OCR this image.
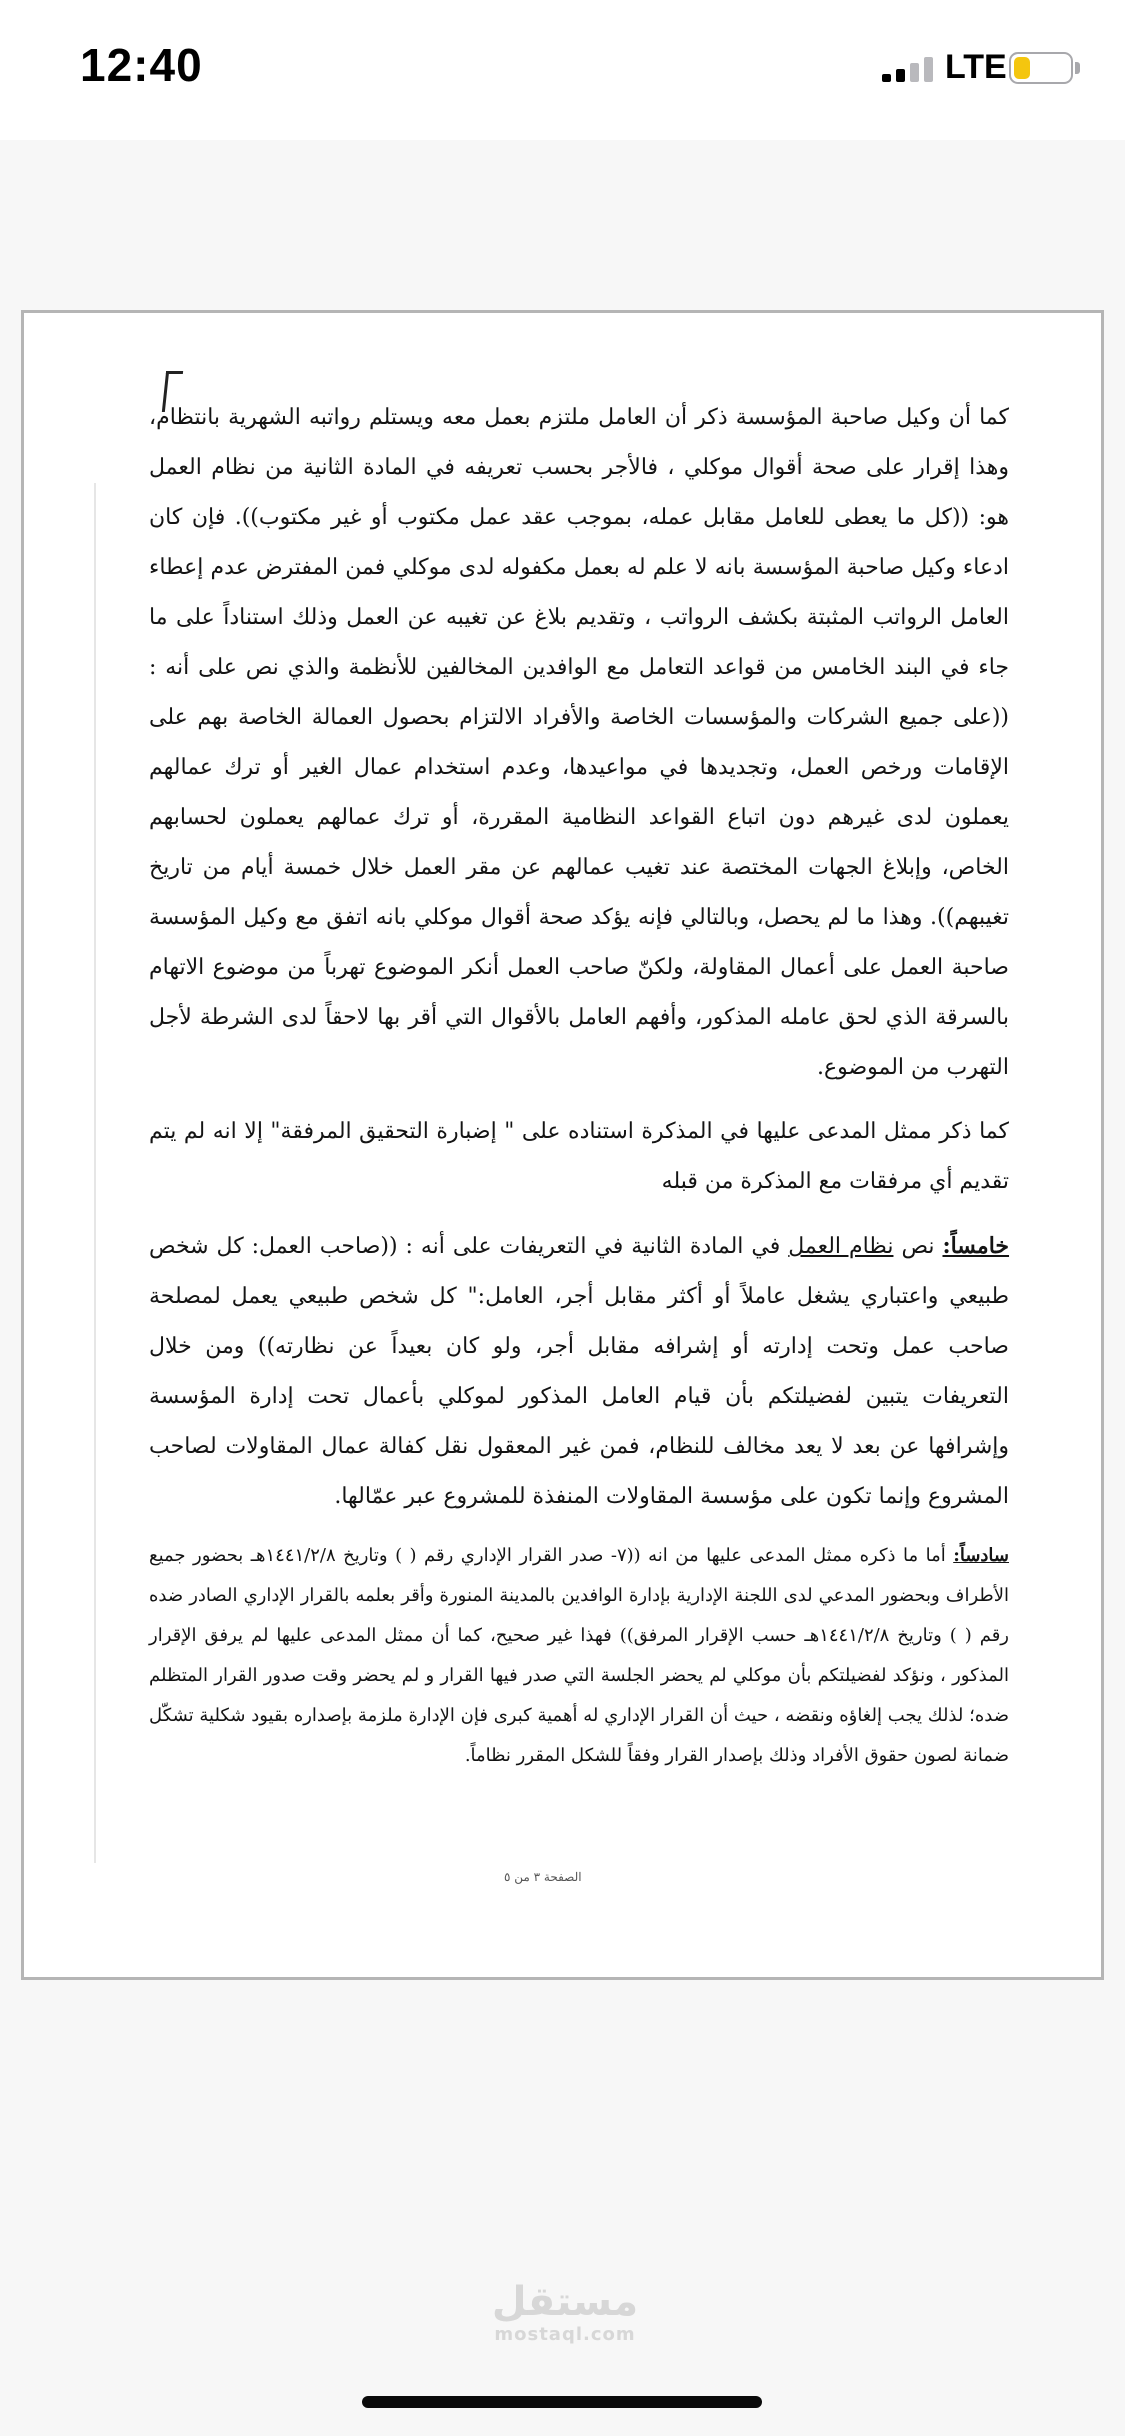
12:40	LTE

كما أن وكيل صاحبة المؤسسة ذكر أن العامل ملتزم بعمل معه ويستلم رواتبه الشهرية بانتظام، وهذا إقرار على صحة أقوال موكلي ، فالأجر بحسب تعريفه في المادة الثانية من نظام العمل هو: ((كل ما يعطى للعامل مقابل عمله، بموجب عقد عمل مكتوب أو غير مكتوب)). فإن كان ادعاء وكيل صاحبة المؤسسة بانه لا علم له بعمل مكفوله لدى موكلي فمن المفترض عدم إعطاء العامل الرواتب المثبتة بكشف الرواتب ، وتقديم بلاغ عن تغيبه عن العمل وذلك استناداً على ما جاء في البند الخامس من قواعد التعامل مع الوافدين المخالفين للأنظمة والذي نص على أنه : ((على جميع الشركات والمؤسسات الخاصة والأفراد الالتزام بحصول العمالة الخاصة بهم على الإقامات ورخص العمل، وتجديدها في مواعيدها، وعدم استخدام عمال الغير أو ترك عمالهم يعملون لدى غيرهم دون اتباع القواعد النظامية المقررة، أو ترك عمالهم يعملون لحسابهم الخاص، وإبلاغ الجهات المختصة عند تغيب عمالهم عن مقر العمل خلال خمسة أيام من تاريخ تغيبهم)). وهذا ما لم يحصل، وبالتالي فإنه يؤكد صحة أقوال موكلي بانه اتفق مع وكيل المؤسسة صاحبة العمل على أعمال المقاولة، ولكنّ صاحب العمل أنكر الموضوع تهرباً من موضوع الاتهام بالسرقة الذي لحق عامله المذكور، وأفهم العامل بالأقوال التي أقر بها لاحقاً لدى الشرطة لأجل التهرب من الموضوع.

كما ذكر ممثل المدعى عليها في المذكرة استناده على " إضبارة التحقيق المرفقة" إلا انه لم يتم تقديم أي مرفقات مع المذكرة من قبله

خامساً: نص نظام العمل في المادة الثانية في التعريفات على أنه : ((صاحب العمل: كل شخص طبيعي واعتباري يشغل عاملاً أو أكثر مقابل أجر، العامل:" كل شخص طبيعي يعمل لمصلحة صاحب عمل وتحت إدارته أو إشرافه مقابل أجر، ولو كان بعيداً عن نظارته)) ومن خلال التعريفات يتبين لفضيلتكم بأن قيام العامل المذكور لموكلي بأعمال تحت إدارة المؤسسة وإشرافها عن بعد لا يعد مخالف للنظام، فمن غير المعقول نقل كفالة عمال المقاولات لصاحب المشروع وإنما تكون على مؤسسة المقاولات المنفذة للمشروع عبر عمّالها.

سادساً: أما ما ذكره ممثل المدعى عليها من انه ((٧- صدر القرار الإداري رقم ( ) وتاريخ ١٤٤١/٢/٨هـ بحضور جميع الأطراف وبحضور المدعي لدى اللجنة الإدارية بإدارة الوافدين بالمدينة المنورة وأقر بعلمه بالقرار الإداري الصادر ضده رقم ( ) وتاريخ ١٤٤١/٢/٨هـ حسب الإقرار المرفق)) فهذا غير صحيح، كما أن ممثل المدعى عليها لم يرفق الإقرار المذكور ، ونؤكد لفضيلتكم بأن موكلي لم يحضر الجلسة التي صدر فيها القرار و لم يحضر وقت صدور القرار المتظلم ضده؛ لذلك يجب إلغاؤه ونقضه ، حيث أن القرار الإداري له أهمية كبرى فإن الإدارة ملزمة بإصداره بقيود شكلية تشكّل ضمانة لصون حقوق الأفراد وذلك بإصدار القرار وفقاً للشكل المقرر نظاماً.

الصفحة ٣ من ٥
مستقل
mostaql.com
